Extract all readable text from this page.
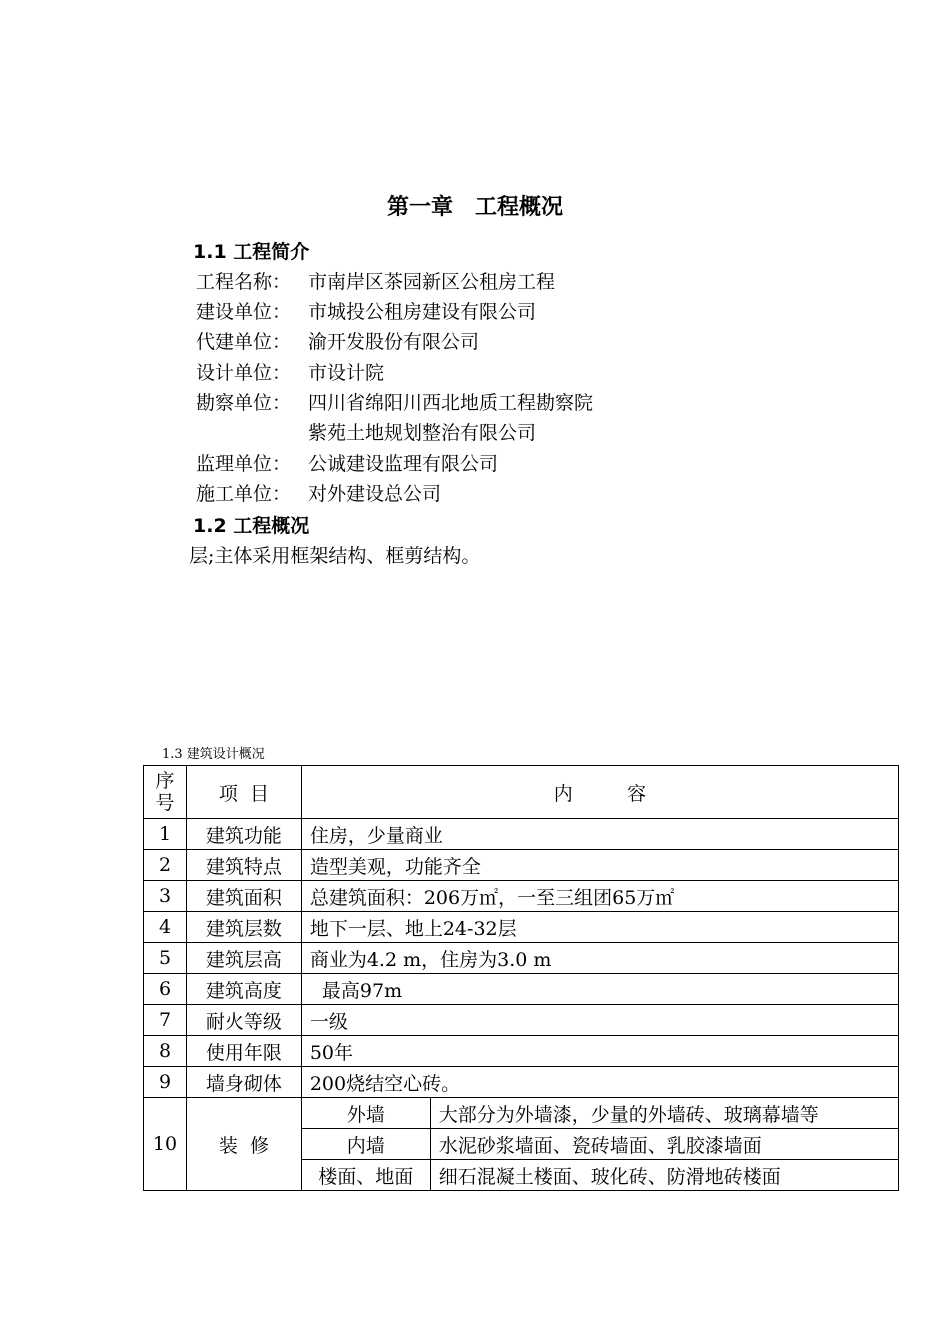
第一章　工程概况
1.1 工程简介
工程名称： 市南岸区茶园新区公租房工程
建设单位： 市城投公租房建设有限公司
代建单位： 渝开发股份有限公司
设计单位： 市设计院
勘察单位： 四川省绵阳川西北地质工程勘察院
紫苑土地规划整治有限公司
监理单位： 公诚建设监理有限公司
施工单位： 对外建设总公司
1.2 工程概况
层;主体采用框架结构、框剪结构。
1.3 建筑设计概况
序
号	项  目	内         容	
1	建筑功能	住房，少量商业	
2	建筑特点	造型美观，功能齐全	
3	建筑面积	总建筑面积：206万㎡，一至三组团65万㎡	
4	建筑层数	地下一层、地上24-32层	
5	建筑层高	商业为4.2 m，住房为3.0 m	
6	建筑高度	最高97m	
7	耐火等级	一级	
8	使用年限	50年	
9	墙身砌体	200烧结空心砖。	
10	装  修	外墙	大部分为外墙漆，少量的外墙砖、玻璃幕墙等
		内墙	水泥砂浆墙面、瓷砖墙面、乳胶漆墙面
		楼面、地面	细石混凝土楼面、玻化砖、防滑地砖楼面
